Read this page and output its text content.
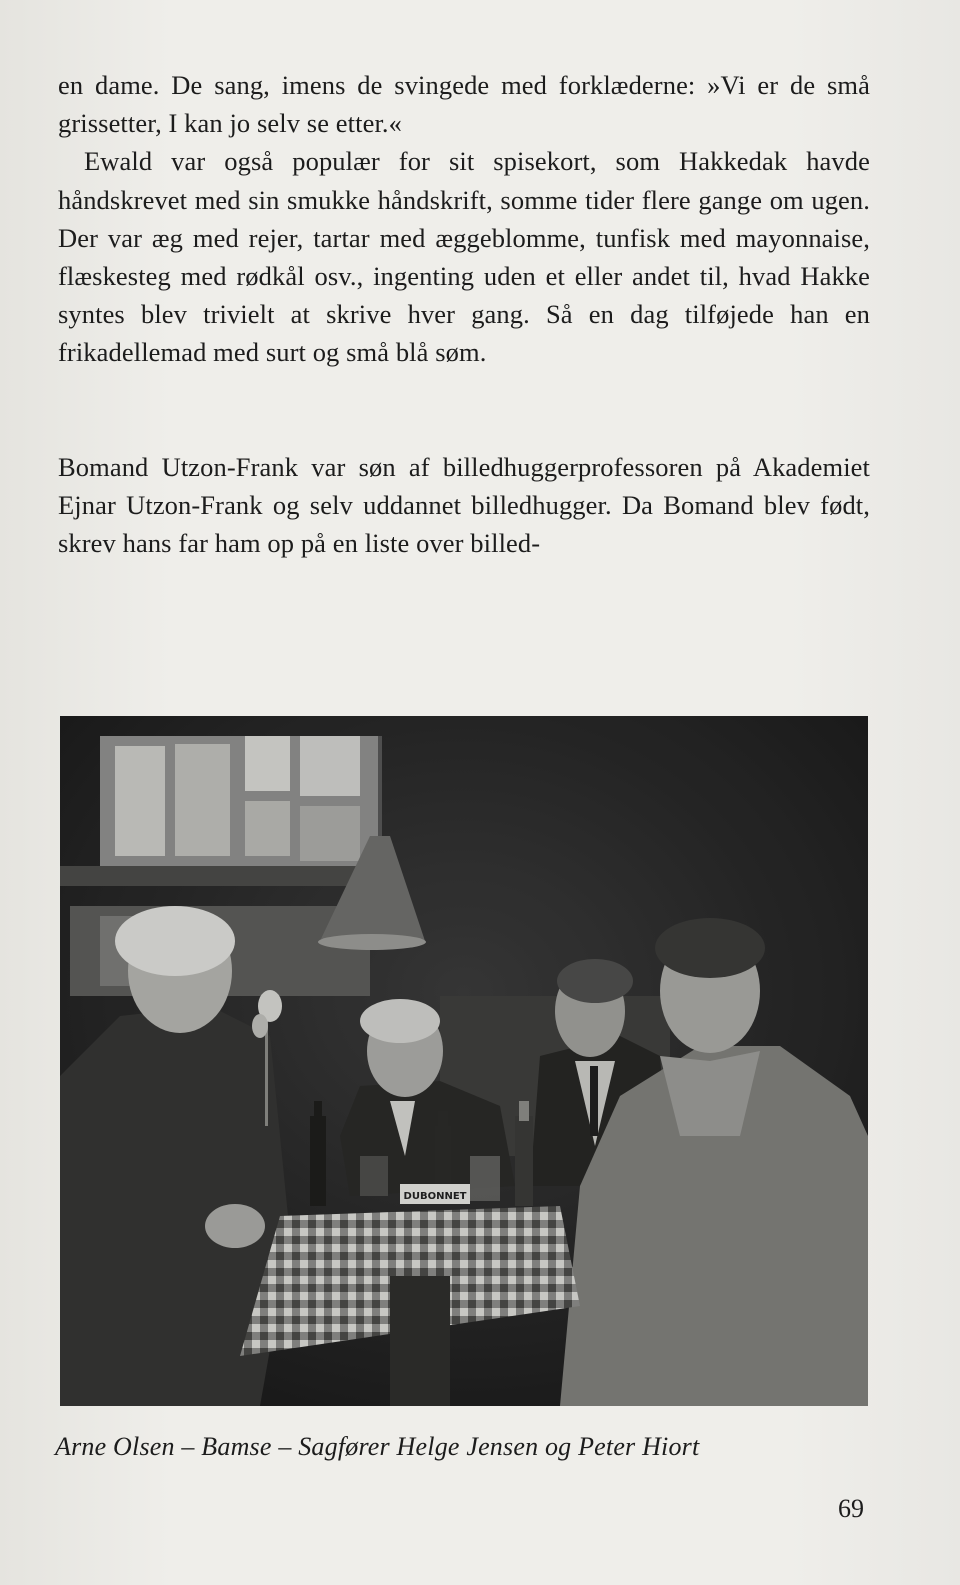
en dame. De sang, imens de svingede med forklæderne: »Vi er de små grissetter, I kan jo selv se etter.«

Ewald var også populær for sit spisekort, som Hakkedak havde håndskrevet med sin smukke håndskrift, somme tider flere gange om ugen. Der var æg med rejer, tartar med æggeblomme, tunfisk med mayonnaise, flæskesteg med rødkål osv., ingenting uden et eller andet til, hvad Hakke syntes blev trivielt at skrive hver gang. Så en dag tilføjede han en frikadellemad med surt og små blå søm.

Bomand Utzon-Frank var søn af billedhuggerprofessoren på Akademiet Ejnar Utzon-Frank og selv uddannet billedhugger. Da Bomand blev født, skrev hans far ham op på en liste over billed-

DUBONNET
Arne Olsen – Bamse – Sagfører Helge Jensen og Peter Hiort
69
